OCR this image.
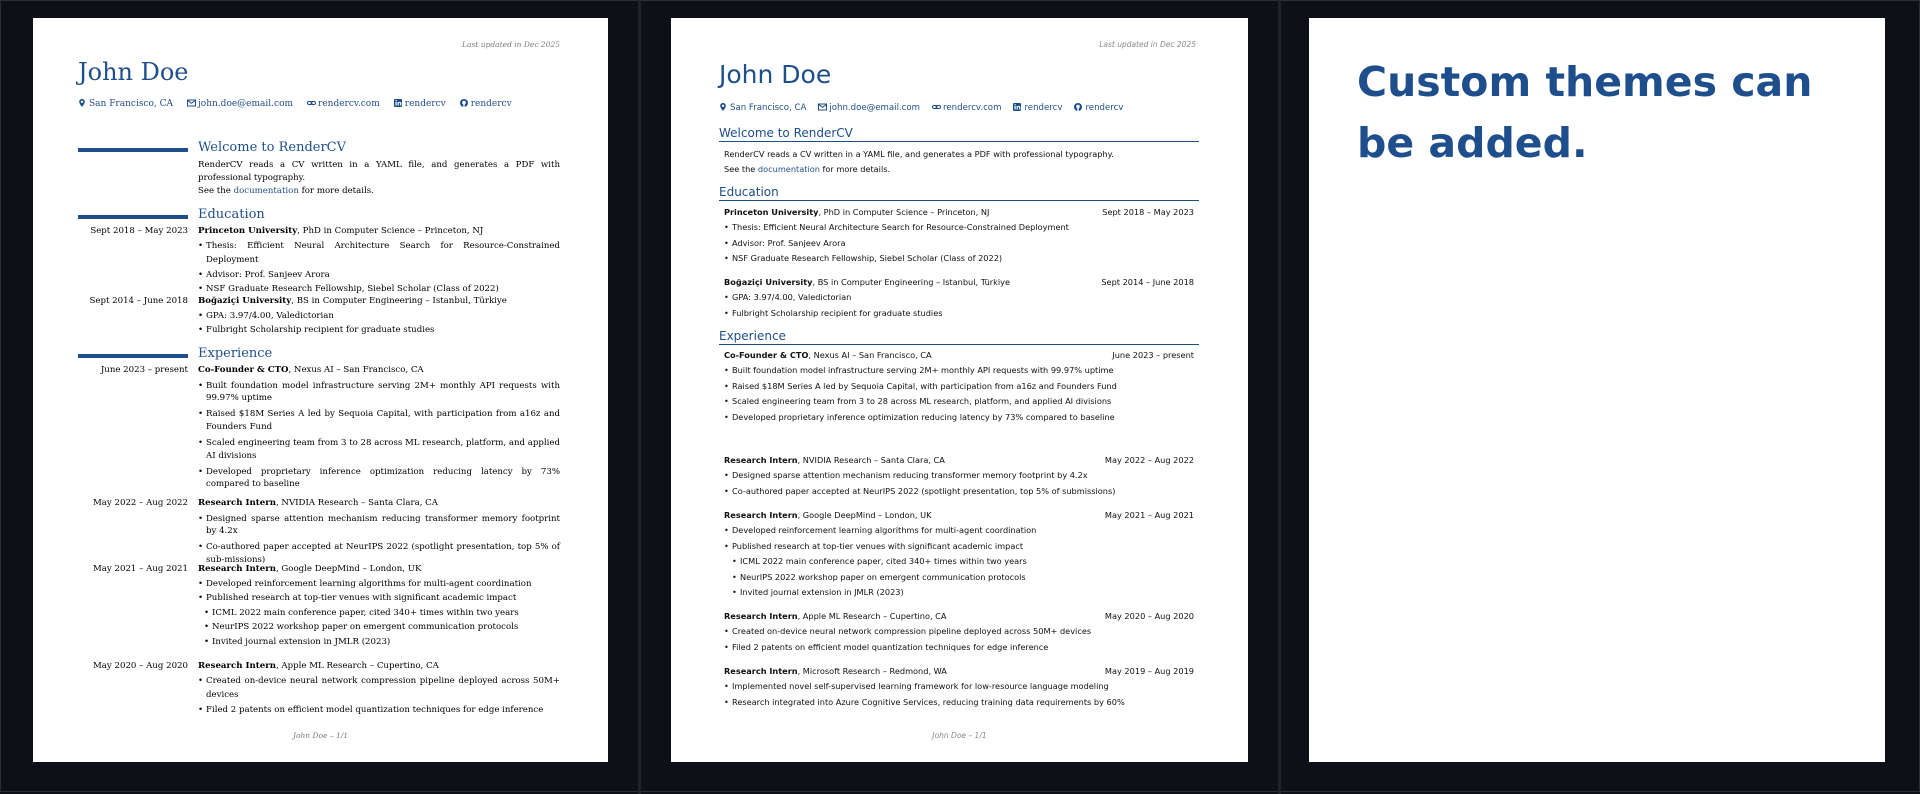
Last updated in Dec 2025
John Doe
San Francisco, CA	john.doe@email.com	rendercv.com	rendercv	rendercv
Welcome to RenderCV
RenderCV reads a CV written in a YAML file, and generates a PDF with professional typography.
See the documentation for more details.
Education
Sept 2018 – May 2023 Princeton University, PhD in Computer Science – Princeton, NJ
• Thesis: Efficient Neural Architecture Search for Resource-Constrained Deployment
• Advisor: Prof. Sanjeev Arora
• NSF Graduate Research Fellowship, Siebel Scholar (Class of 2022)
Sept 2014 – June 2018 Boğaziçi University, BS in Computer Engineering – Istanbul, Türkiye
• GPA: 3.97/4.00, Valedictorian
• Fulbright Scholarship recipient for graduate studies
Experience
June 2023 – present Co-Founder & CTO, Nexus AI – San Francisco, CA
• Built foundation model infrastructure serving 2M+ monthly API requests with 99.97% uptime
• Raised $18M Series A led by Sequoia Capital, with participation from a16z and Founders Fund
• Scaled engineering team from 3 to 28 across ML research, platform, and applied AI divisions
• Developed proprietary inference optimization reducing latency by 73% compared to baseline
May 2022 – Aug 2022 Research Intern, NVIDIA Research – Santa Clara, CA
• Designed sparse attention mechanism reducing transformer memory footprint by 4.2x
• Co-authored paper accepted at NeurIPS 2022 (spotlight presentation, top 5% of sub-missions)
May 2021 – Aug 2021 Research Intern, Google DeepMind – London, UK
• Developed reinforcement learning algorithms for multi-agent coordination
• Published research at top-tier venues with significant academic impact
• ICML 2022 main conference paper, cited 340+ times within two years
• NeurIPS 2022 workshop paper on emergent communication protocols
• Invited journal extension in JMLR (2023)
May 2020 – Aug 2020 Research Intern, Apple ML Research – Cupertino, CA
• Created on-device neural network compression pipeline deployed across 50M+ devices
• Filed 2 patents on efficient model quantization techniques for edge inference
John Doe – 1/1
Last updated in Dec 2025
John Doe
San Francisco, CA	john.doe@email.com	rendercv.com	rendercv	rendercv
Welcome to RenderCV
RenderCV reads a CV written in a YAML file, and generates a PDF with professional typography.
See the documentation for more details.
Education
Princeton University, PhD in Computer Science – Princeton, NJ	Sept 2018 – May 2023
• Thesis: Efficient Neural Architecture Search for Resource-Constrained Deployment
• Advisor: Prof. Sanjeev Arora
• NSF Graduate Research Fellowship, Siebel Scholar (Class of 2022)
Boğaziçi University, BS in Computer Engineering – Istanbul, Türkiye	Sept 2014 – June 2018
• GPA: 3.97/4.00, Valedictorian
• Fulbright Scholarship recipient for graduate studies
Experience
Co-Founder & CTO, Nexus AI – San Francisco, CA	June 2023 – present
• Built foundation model infrastructure serving 2M+ monthly API requests with 99.97% uptime
• Raised $18M Series A led by Sequoia Capital, with participation from a16z and Founders Fund
• Scaled engineering team from 3 to 28 across ML research, platform, and applied AI divisions
• Developed proprietary inference optimization reducing latency by 73% compared to baseline
Research Intern, NVIDIA Research – Santa Clara, CA	May 2022 – Aug 2022
• Designed sparse attention mechanism reducing transformer memory footprint by 4.2x
• Co-authored paper accepted at NeurIPS 2022 (spotlight presentation, top 5% of submissions)
Research Intern, Google DeepMind – London, UK	May 2021 – Aug 2021
• Developed reinforcement learning algorithms for multi-agent coordination
• Published research at top-tier venues with significant academic impact
• ICML 2022 main conference paper, cited 340+ times within two years
• NeurIPS 2022 workshop paper on emergent communication protocols
• Invited journal extension in JMLR (2023)
Research Intern, Apple ML Research – Cupertino, CA	May 2020 – Aug 2020
• Created on-device neural network compression pipeline deployed across 50M+ devices
• Filed 2 patents on efficient model quantization techniques for edge inference
Research Intern, Microsoft Research – Redmond, WA	May 2019 – Aug 2019
• Implemented novel self-supervised learning framework for low-resource language modeling
• Research integrated into Azure Cognitive Services, reducing training data requirements by 60%
John Doe – 1/1
Custom themes can be added.
